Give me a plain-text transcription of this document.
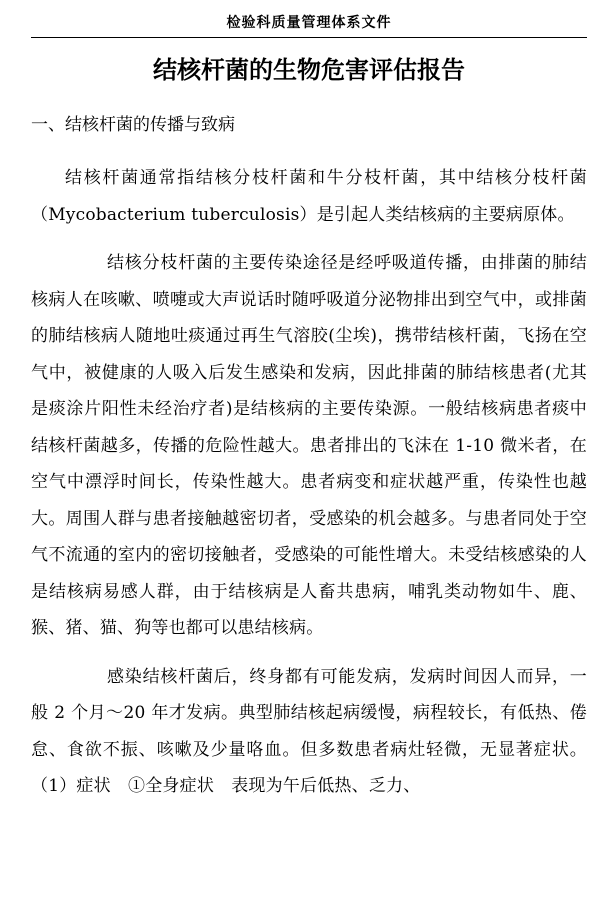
检验科质量管理体系文件
结核杆菌的生物危害评估报告
一、结核杆菌的传播与致病

结核杆菌通常指结核分枝杆菌和牛分枝杆菌，其中结核分枝杆菌（Mycobacterium tuberculosis）是引起人类结核病的主要病原体。

结核分枝杆菌的主要传染途径是经呼吸道传播，由排菌的肺结核病人在咳嗽、喷嚏或大声说话时随呼吸道分泌物排出到空气中，或排菌的肺结核病人随地吐痰通过再生气溶胶(尘埃)，携带结核杆菌，飞扬在空气中，被健康的人吸入后发生感染和发病，因此排菌的肺结核患者(尤其是痰涂片阳性未经治疗者)是结核病的主要传染源。一般结核病患者痰中结核杆菌越多，传播的危险性越大。患者排出的飞沫在 1-10 微米者，在空气中漂浮时间长，传染性越大。患者病变和症状越严重，传染性也越大。周围人群与患者接触越密切者，受感染的机会越多。与患者同处于空气不流通的室内的密切接触者，受感染的可能性增大。未受结核感染的人是结核病易感人群，由于结核病是人畜共患病，哺乳类动物如牛、鹿、猴、猪、猫、狗等也都可以患结核病。

感染结核杆菌后，终身都有可能发病，发病时间因人而异，一般 2 个月～20 年才发病。典型肺结核起病缓慢，病程较长，有低热、倦怠、食欲不振、咳嗽及少量咯血。但多数患者病灶轻微，无显著症状。（1）症状　①全身症状　表现为午后低热、乏力、
